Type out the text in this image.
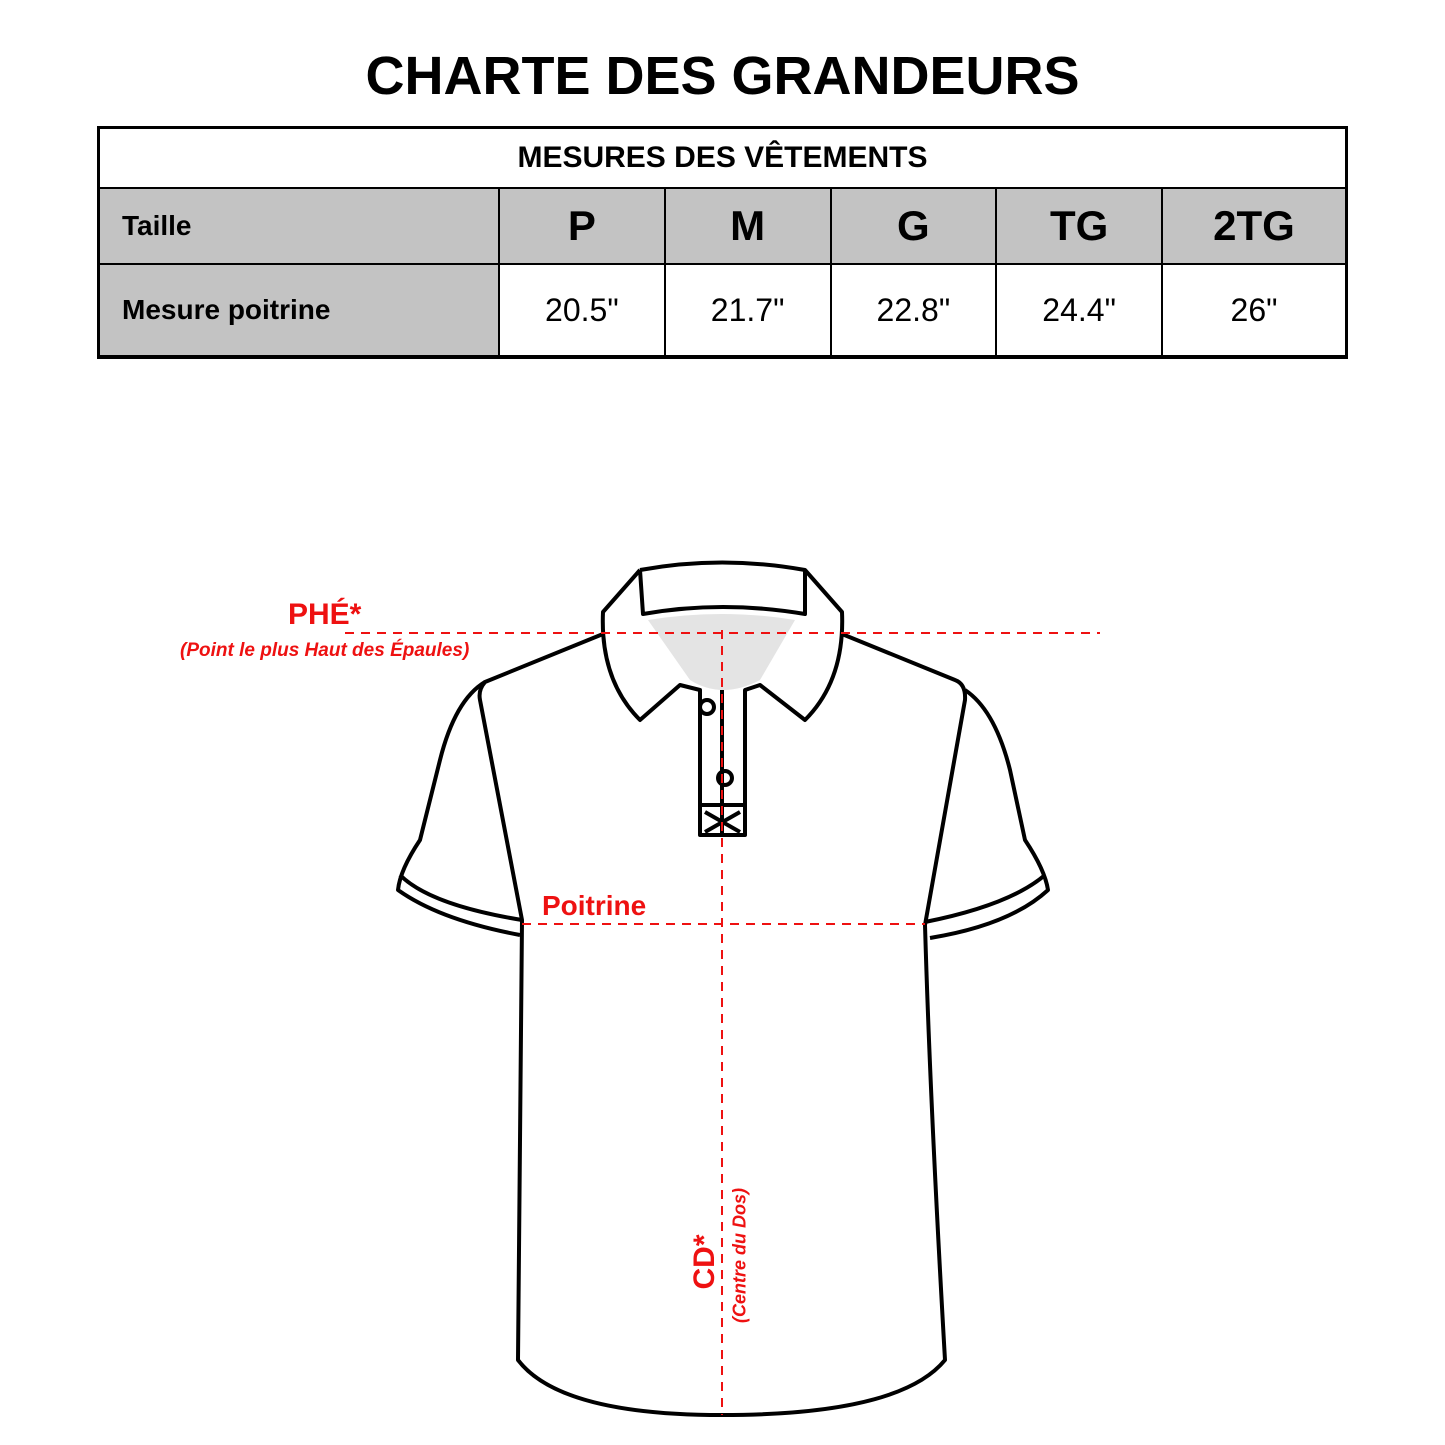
CHARTE DES GRANDEURS
MESURES DES VÊTEMENTS					
Taille	P	M	G	TG	2TG
Mesure poitrine	20.5"	21.7"	22.8"	24.4"	26"
PHÉ*
(Point le plus Haut des Épaules)
Poitrine
CD* (Centre du Dos)
